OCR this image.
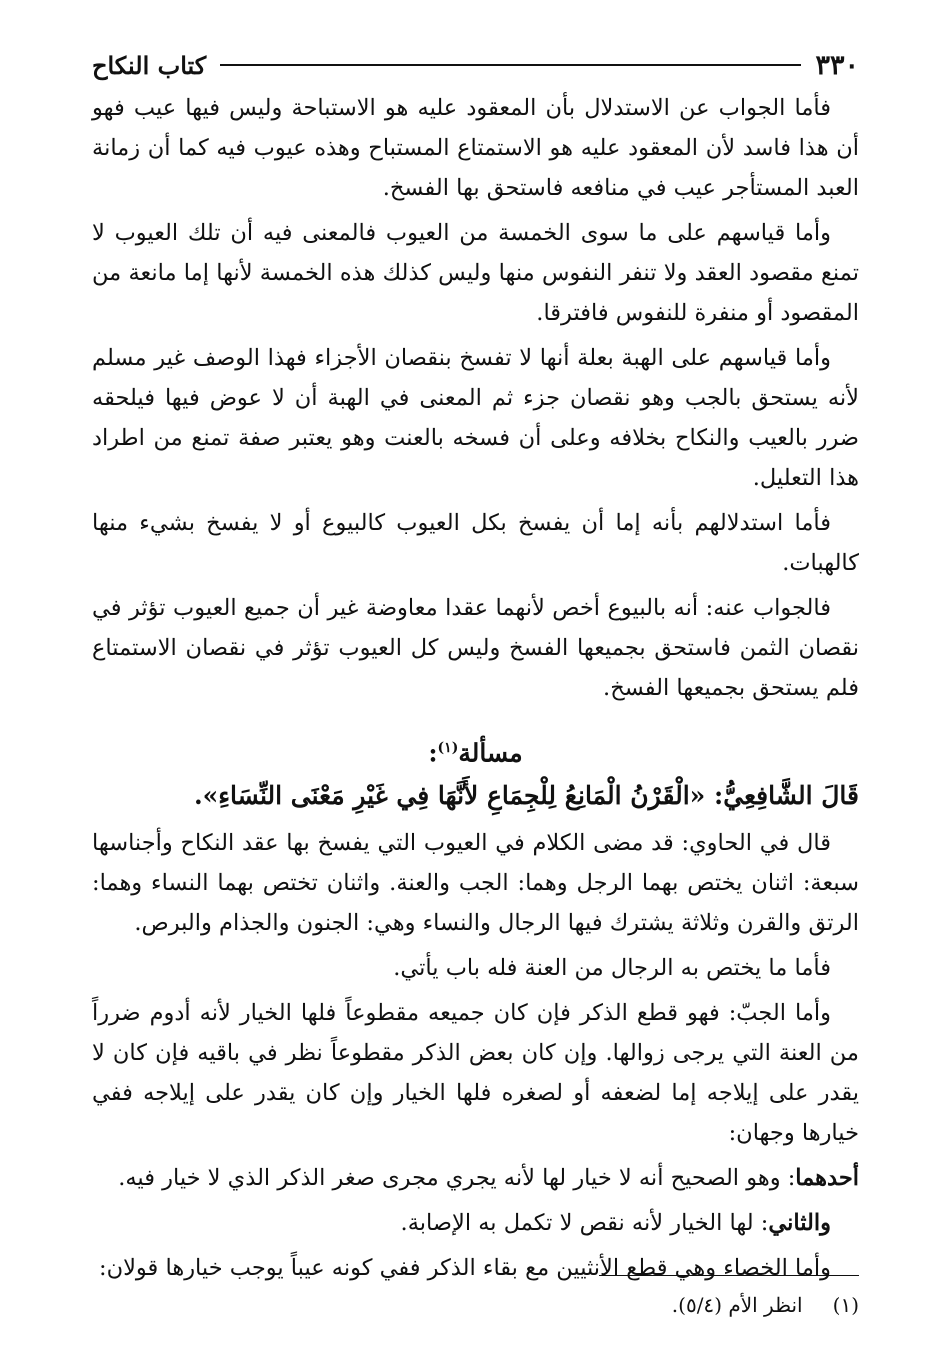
٣٣٠
كتاب النكاح

فأما الجواب عن الاستدلال بأن المعقود عليه هو الاستباحة وليس فيها عيب فهو أن هذا فاسد لأن المعقود عليه هو الاستمتاع المستباح وهذه عيوب فيه كما أن زمانة العبد المستأجر عيب في منافعه فاستحق بها الفسخ.

وأما قياسهم على ما سوى الخمسة من العيوب فالمعنى فيه أن تلك العيوب لا تمنع مقصود العقد ولا تنفر النفوس منها وليس كذلك هذه الخمسة لأنها إما مانعة من المقصود أو منفرة للنفوس فافترقا.

وأما قياسهم على الهبة بعلة أنها لا تفسخ بنقصان الأجزاء فهذا الوصف غير مسلم لأنه يستحق بالجب وهو نقصان جزء ثم المعنى في الهبة أن لا عوض فيها فيلحقه ضرر بالعيب والنكاح بخلافه وعلى أن فسخه بالعنت وهو يعتبر صفة تمنع من اطراد هذا التعليل.

فأما استدلالهم بأنه إما أن يفسخ بكل العيوب كالبيوع أو لا يفسخ بشيء منها كالهبات.

فالجواب عنه: أنه بالبيوع أخص لأنهما عقدا معاوضة غير أن جميع العيوب تؤثر في نقصان الثمن فاستحق بجميعها الفسخ وليس كل العيوب تؤثر في نقصان الاستمتاع فلم يستحق بجميعها الفسخ.

مسألة$^{(١)}$:

قَالَ الشَّافِعِيُّ: «الْقَرْنُ الْمَانِعُ لِلْجِمَاعِ لأَنَّهَا فِي غَيْرِ مَعْنَى النِّسَاءِ».

قال في الحاوي: قد مضى الكلام في العيوب التي يفسخ بها عقد النكاح وأجناسها سبعة: اثنان يختص بهما الرجل وهما: الجب والعنة. واثنان تختص بهما النساء وهما: الرتق والقرن وثلاثة يشترك فيها الرجال والنساء وهي: الجنون والجذام والبرص.

فأما ما يختص به الرجال من العنة فله باب يأتي.

وأما الجبّ: فهو قطع الذكر فإن كان جميعه مقطوعاً فلها الخيار لأنه أدوم ضرراً من العنة التي يرجى زوالها. وإن كان بعض الذكر مقطوعاً نظر في باقيه فإن كان لا يقدر على إيلاجه إما لضعفه أو لصغره فلها الخيار وإن كان يقدر على إيلاجه ففي خيارها وجهان:

أحدهما: وهو الصحيح أنه لا خيار لها لأنه يجري مجرى صغر الذكر الذي لا خيار فيه.

والثاني: لها الخيار لأنه نقص لا تكمل به الإصابة.

وأما الخصاء وهي قطع الأنثيين مع بقاء الذكر ففي كونه عيباً يوجب خيارها قولان:

(١)
انظر الأم (٥/٤).
